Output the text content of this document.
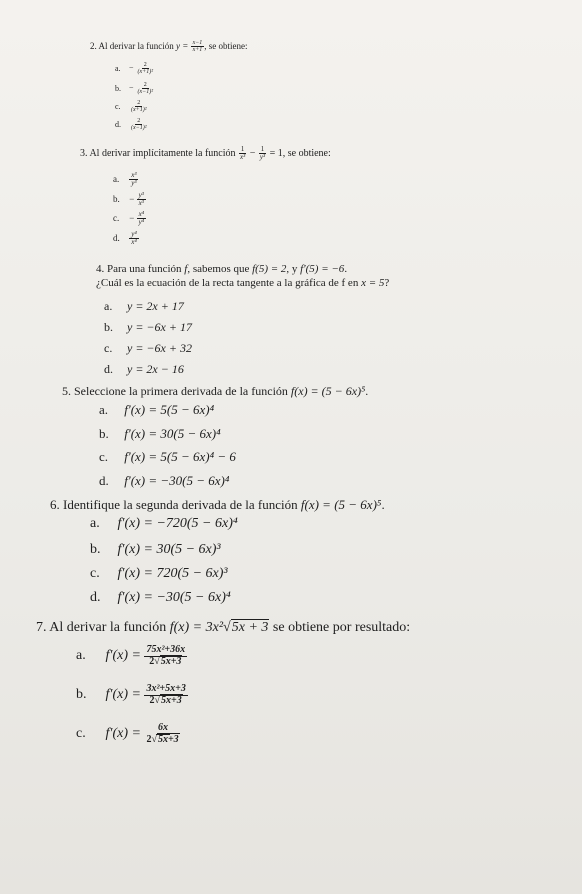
2. Al derivar la función $y = \frac{x-1}{x+1}$ , se obtiene:
a. − $\frac{2}{\text{(x+1)²}}$
b. − $\frac{2}{\text{(x−1)²}}$
c. $\frac{2}{\text{(x+1)²}}$
d. $\frac{2}{\text{(x−1)²}}$
3. Al derivar implícitamente la función $\frac{1}{\text{x³}} - \frac{1}{\text{y³}} = 1$, se obtiene:
a. $\frac{\text{x³}}{\text{y³}}$
b. − $\frac{\text{y³}}{\text{x³}}$
c. − $\frac{\text{x⁴}}{\text{y⁴}}$
d. $\frac{\text{y⁴}}{\text{x⁴}}$
4. Para una función f, sabemos que f(5) = 2, y f′(5) = −6.
¿Cuál es la ecuación de la recta tangente a la gráfica de f en x = 5?
a. y = 2x + 17
b. y = −6x + 17
c. y = −6x + 32
d. y = 2x − 16
5. Seleccione la primera derivada de la función f(x) = (5 − 6x)⁵.
a. f′(x) = 5(5 − 6x)⁴
b. f′(x) = 30(5 − 6x)⁴
c. f′(x) = 5(5 − 6x)⁴ − 6
d. f′(x) = −30(5 − 6x)⁴
6. Identifique la segunda derivada de la función f(x) = (5 − 6x)⁵.
a. f′(x) = −720(5 − 6x)⁴
b. f′(x) = 30(5 − 6x)³
c. f′(x) = 720(5 − 6x)³
d. f′(x) = −30(5 − 6x)⁴
7. Al derivar la función f(x) = 3x²√5x + 3 se obtiene por resultado:
a. $f'(x) = \frac{\text{75x²+36x}}{2√5x+3}$
b. $f'(x) = \frac{\text{3x²+5x+3}}{2√5x+3}$
c. $f'(x) = \frac{6x}{2√5x+3}$
